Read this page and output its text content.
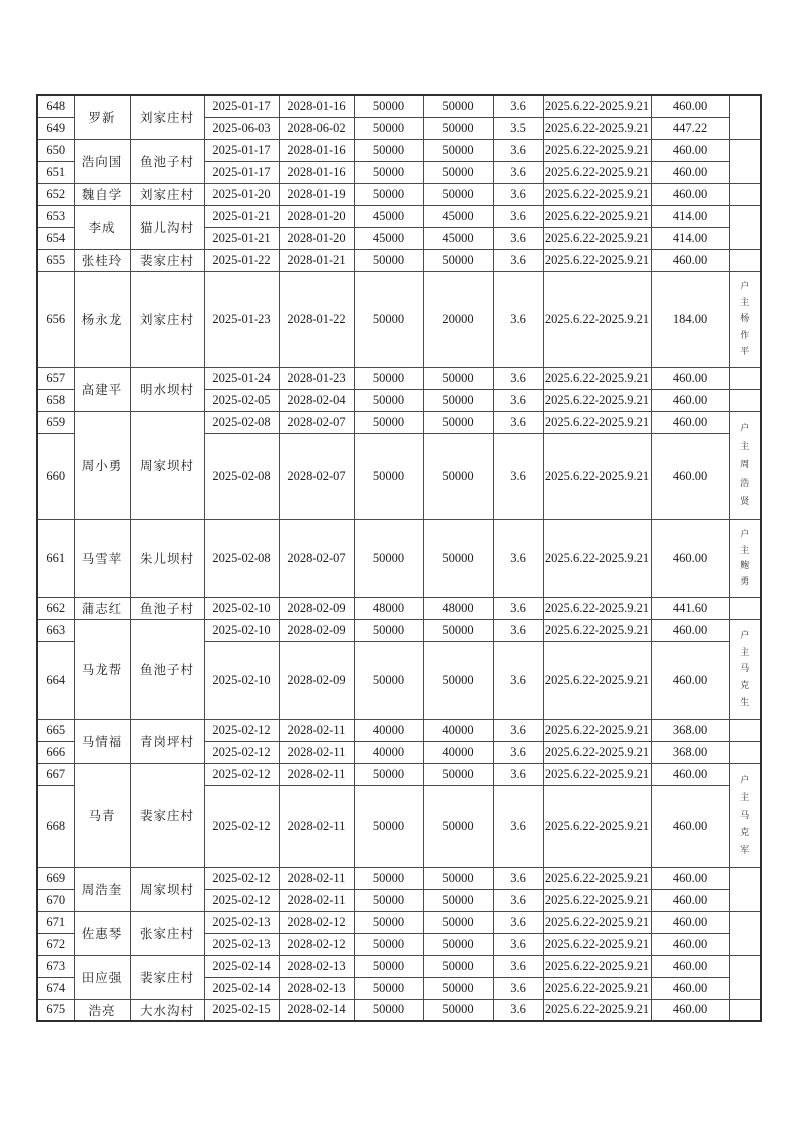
648	罗新	刘家庄村	2025-01-17	2028-01-16	50000	50000	3.6	2025.6.22-2025.9.21	460.00	
649			2025-06-03	2028-06-02	50000	50000	3.5	2025.6.22-2025.9.21	447.22	
650	浩向国	鱼池子村	2025-01-17	2028-01-16	50000	50000	3.6	2025.6.22-2025.9.21	460.00	
651			2025-01-17	2028-01-16	50000	50000	3.6	2025.6.22-2025.9.21	460.00	
652	魏自学	刘家庄村	2025-01-20	2028-01-19	50000	50000	3.6	2025.6.22-2025.9.21	460.00	
653	李成	猫儿沟村	2025-01-21	2028-01-20	45000	45000	3.6	2025.6.22-2025.9.21	414.00	
654			2025-01-21	2028-01-20	45000	45000	3.6	2025.6.22-2025.9.21	414.00	
655	张桂玲	裴家庄村	2025-01-22	2028-01-21	50000	50000	3.6	2025.6.22-2025.9.21	460.00	
656	杨永龙	刘家庄村	2025-01-23	2028-01-22	50000	20000	3.6	2025.6.22-2025.9.21	184.00	户
主
杨
作
平

657	高建平	明水坝村	2025-01-24	2028-01-23	50000	50000	3.6	2025.6.22-2025.9.21	460.00	
658			2025-02-05	2028-02-04	50000	50000	3.6	2025.6.22-2025.9.21	460.00	
659	周小勇	周家坝村	2025-02-08	2028-02-07	50000	50000	3.6	2025.6.22-2025.9.21	460.00	户
主
周
浩
贤

660			2025-02-08	2028-02-07	50000	50000	3.6	2025.6.22-2025.9.21	460.00	
661	马雪苹	朱儿坝村	2025-02-08	2028-02-07	50000	50000	3.6	2025.6.22-2025.9.21	460.00	户
主
鲍
勇

662	蒲志红	鱼池子村	2025-02-10	2028-02-09	48000	48000	3.6	2025.6.22-2025.9.21	441.60	
663	马龙帮	鱼池子村	2025-02-10	2028-02-09	50000	50000	3.6	2025.6.22-2025.9.21	460.00	户
主
马
克
生

664			2025-02-10	2028-02-09	50000	50000	3.6	2025.6.22-2025.9.21	460.00	
665	马情福	青岗坪村	2025-02-12	2028-02-11	40000	40000	3.6	2025.6.22-2025.9.21	368.00	
666			2025-02-12	2028-02-11	40000	40000	3.6	2025.6.22-2025.9.21	368.00	
667	马青	裴家庄村	2025-02-12	2028-02-11	50000	50000	3.6	2025.6.22-2025.9.21	460.00	户
主
马
克
军

668			2025-02-12	2028-02-11	50000	50000	3.6	2025.6.22-2025.9.21	460.00	
669	周浩奎	周家坝村	2025-02-12	2028-02-11	50000	50000	3.6	2025.6.22-2025.9.21	460.00	
670			2025-02-12	2028-02-11	50000	50000	3.6	2025.6.22-2025.9.21	460.00	
671	佐惠琴	张家庄村	2025-02-13	2028-02-12	50000	50000	3.6	2025.6.22-2025.9.21	460.00	
672			2025-02-13	2028-02-12	50000	50000	3.6	2025.6.22-2025.9.21	460.00	
673	田应强	裴家庄村	2025-02-14	2028-02-13	50000	50000	3.6	2025.6.22-2025.9.21	460.00	
674			2025-02-14	2028-02-13	50000	50000	3.6	2025.6.22-2025.9.21	460.00	
675	浩亮	大水沟村	2025-02-15	2028-02-14	50000	50000	3.6	2025.6.22-2025.9.21	460.00	
